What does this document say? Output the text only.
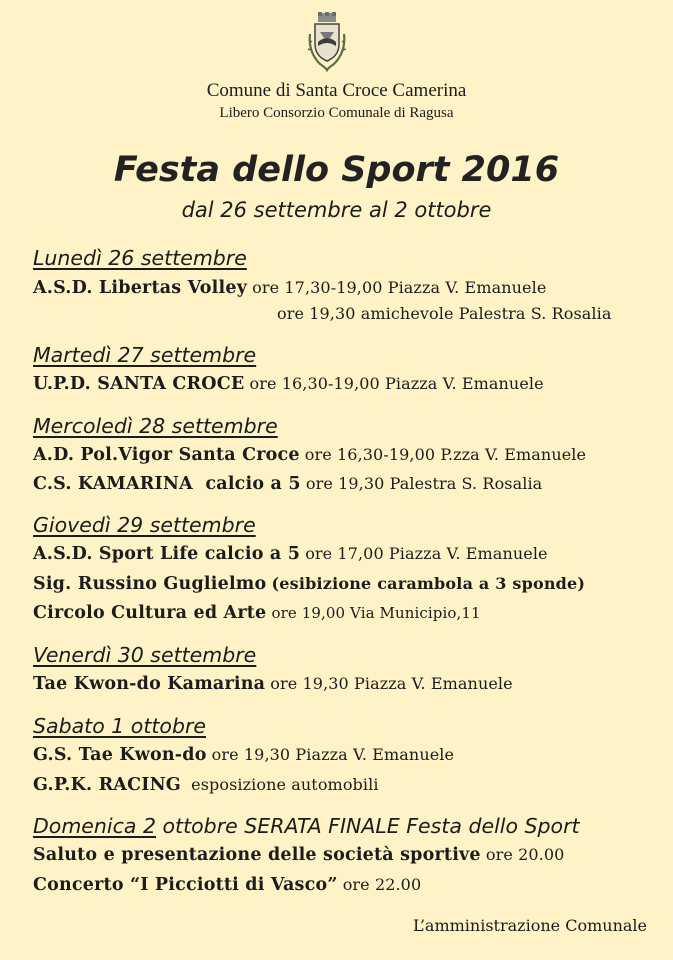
Comune di Santa Croce Camerina
Libero Consorzio Comunale di Ragusa
Festa dello Sport 2016
dal 26 settembre al 2 ottobre
Lunedì 26 settembre
A.S.D. Libertas Volley ore 17,30-19,00 Piazza V. Emanuele
ore 19,30 amichevole Palestra S. Rosalia
Martedì 27 settembre
U.P.D. SANTA CROCE ore 16,30-19,00 Piazza V. Emanuele
Mercoledì 28 settembre
A.D. Pol.Vigor Santa Croce ore 16,30-19,00 P.zza V. Emanuele
C.S. KAMARINA  calcio a 5 ore 19,30 Palestra S. Rosalia
Giovedì 29 settembre
A.S.D. Sport Life calcio a 5 ore 17,00 Piazza V. Emanuele
Sig. Russino Guglielmo (esibizione carambola a 3 sponde)
Circolo Cultura ed Arte ore 19,00 Via Municipio,11
Venerdì 30 settembre
Tae Kwon-do Kamarina ore 19,30 Piazza V. Emanuele
Sabato 1 ottobre
G.S. Tae Kwon-do ore 19,30 Piazza V. Emanuele
G.P.K. RACING esposizione automobili
Domenica 2 ottobre SERATA FINALE Festa dello Sport
Saluto e presentazione delle società sportive ore 20.00
Concerto “I Picciotti di Vasco” ore 22.00
L’amministrazione Comunale
